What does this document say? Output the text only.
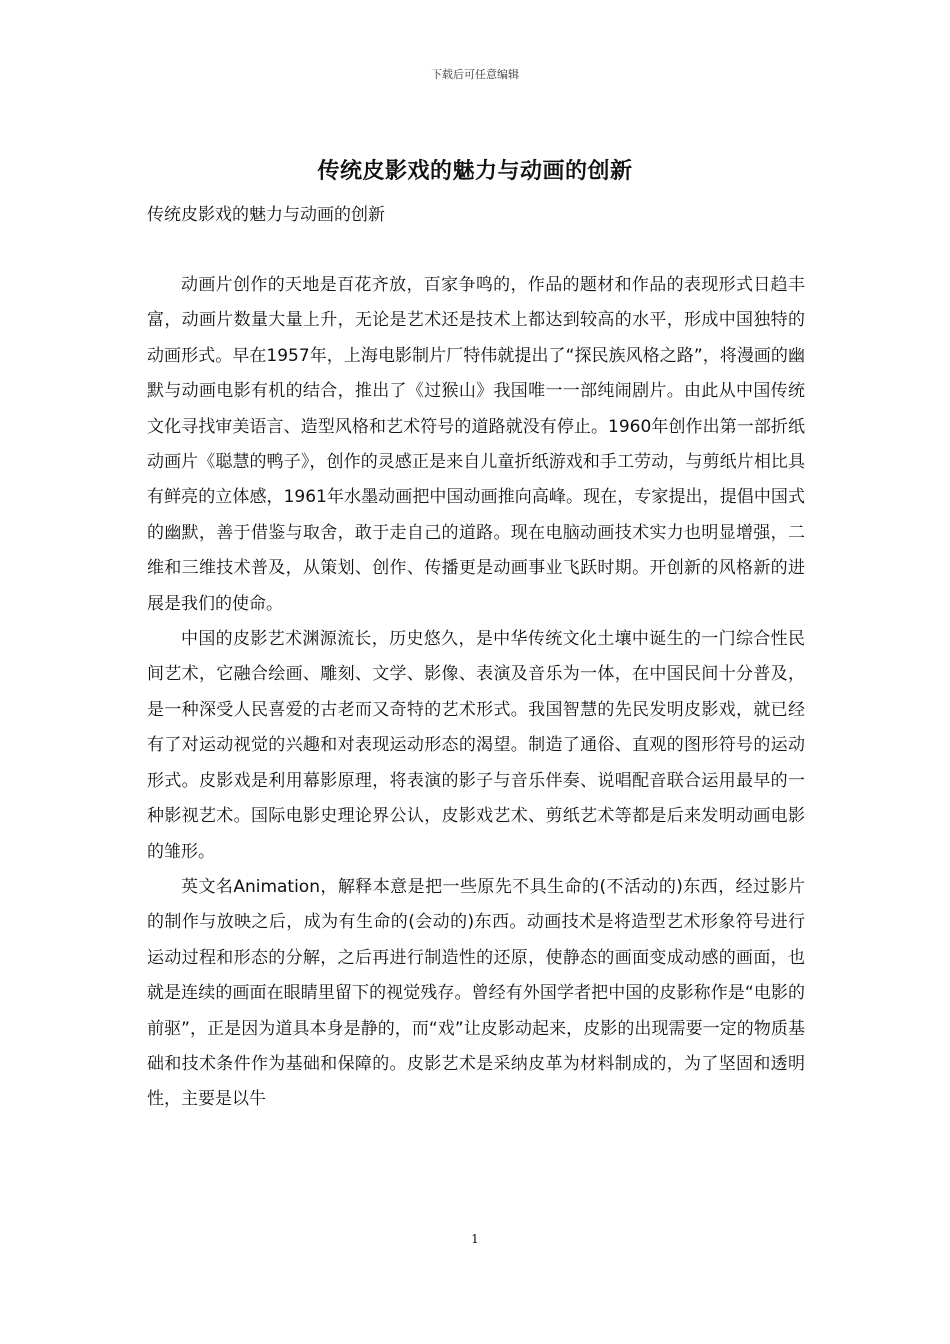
下载后可任意编辑
传统皮影戏的魅力与动画的创新
传统皮影戏的魅力与动画的创新

动画片创作的天地是百花齐放，百家争鸣的，作品的题材和作品的表现形式日趋丰富，动画片数量大量上升，无论是艺术还是技术上都达到较高的水平，形成中国独特的动画形式。早在1957年，上海电影制片厂特伟就提出了“探民族风格之路”，将漫画的幽默与动画电影有机的结合，推出了《过猴山》我国唯一一部纯闹剧片。由此从中国传统文化寻找审美语言、造型风格和艺术符号的道路就没有停止。1960年创作出第一部折纸动画片《聪慧的鸭子》，创作的灵感正是来自儿童折纸游戏和手工劳动，与剪纸片相比具有鲜亮的立体感，1961年水墨动画把中国动画推向高峰。现在，专家提出，提倡中国式的幽默，善于借鉴与取舍，敢于走自己的道路。现在电脑动画技术实力也明显增强，二维和三维技术普及，从策划、创作、传播更是动画事业飞跃时期。开创新的风格新的进展是我们的使命。

中国的皮影艺术渊源流长，历史悠久，是中华传统文化土壤中诞生的一门综合性民间艺术，它融合绘画、雕刻、文学、影像、表演及音乐为一体，在中国民间十分普及，是一种深受人民喜爱的古老而又奇特的艺术形式。我国智慧的先民发明皮影戏，就已经有了对运动视觉的兴趣和对表现运动形态的渴望。制造了通俗、直观的图形符号的运动形式。皮影戏是利用幕影原理，将表演的影子与音乐伴奏、说唱配音联合运用最早的一种影视艺术。国际电影史理论界公认，皮影戏艺术、剪纸艺术等都是后来发明动画电影的雏形。

英文名Animation，解释本意是把一些原先不具生命的(不活动的)东西，经过影片的制作与放映之后，成为有生命的(会动的)东西。动画技术是将造型艺术形象符号进行运动过程和形态的分解，之后再进行制造性的还原，使静态的画面变成动感的画面，也就是连续的画面在眼睛里留下的视觉残存。曾经有外国学者把中国的皮影称作是“电影的前驱”，正是因为道具本身是静的，而“戏”让皮影动起来，皮影的出现需要一定的物质基础和技术条件作为基础和保障的。皮影艺术是采纳皮革为材料制成的，为了坚固和透明性，主要是以牛

1
